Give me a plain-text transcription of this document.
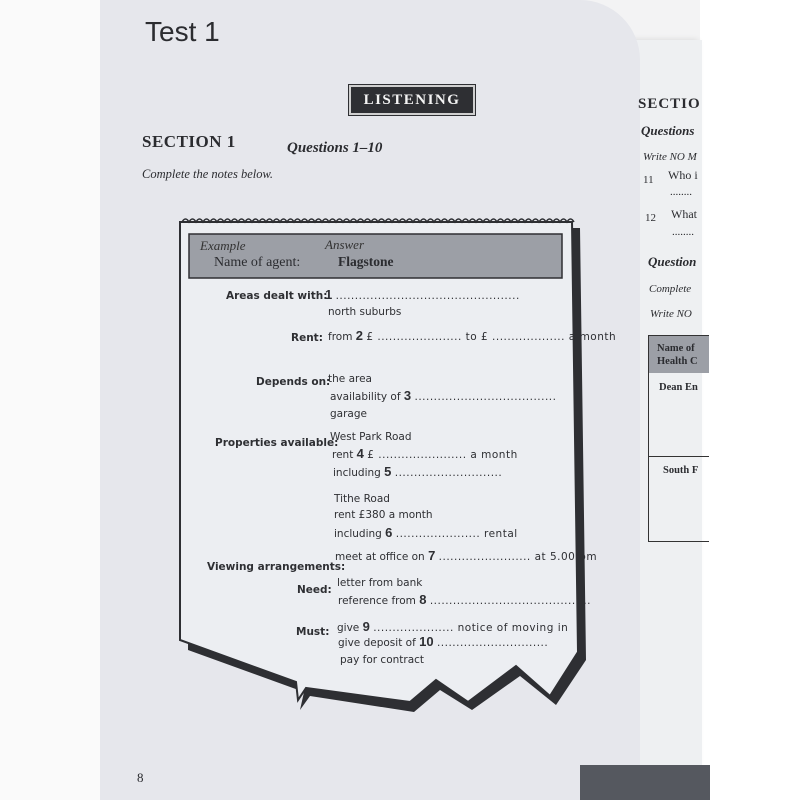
Test 1
LISTENING
SECTION 1	Questions 1–10
Complete the notes below.
Example	Answer
Name of agent:	Flagstone
Areas dealt with:
1 ................................................
north suburbs
Rent: from 2 £ ...................... to £ ................... a month
Depends on:
the area
availability of 3 .....................................
garage
Properties available:
West Park Road
rent 4 £ ....................... a month
including 5 ............................
Tithe Road
rent £380 a month
including 6 ...................... rental
Viewing arrangements:
meet at office on 7 ........................ at 5.00 pm
Need:
letter from bank
reference from 8 ..........................................
Must: give 9 ..................... notice of moving in
give deposit of 10 .............................
pay for contract
8
SECTIO
Questions
Write NO M
11 Who i
........
12 What
........
Question
Complete
Write NO
Name of
Health C
Dean En
South F
